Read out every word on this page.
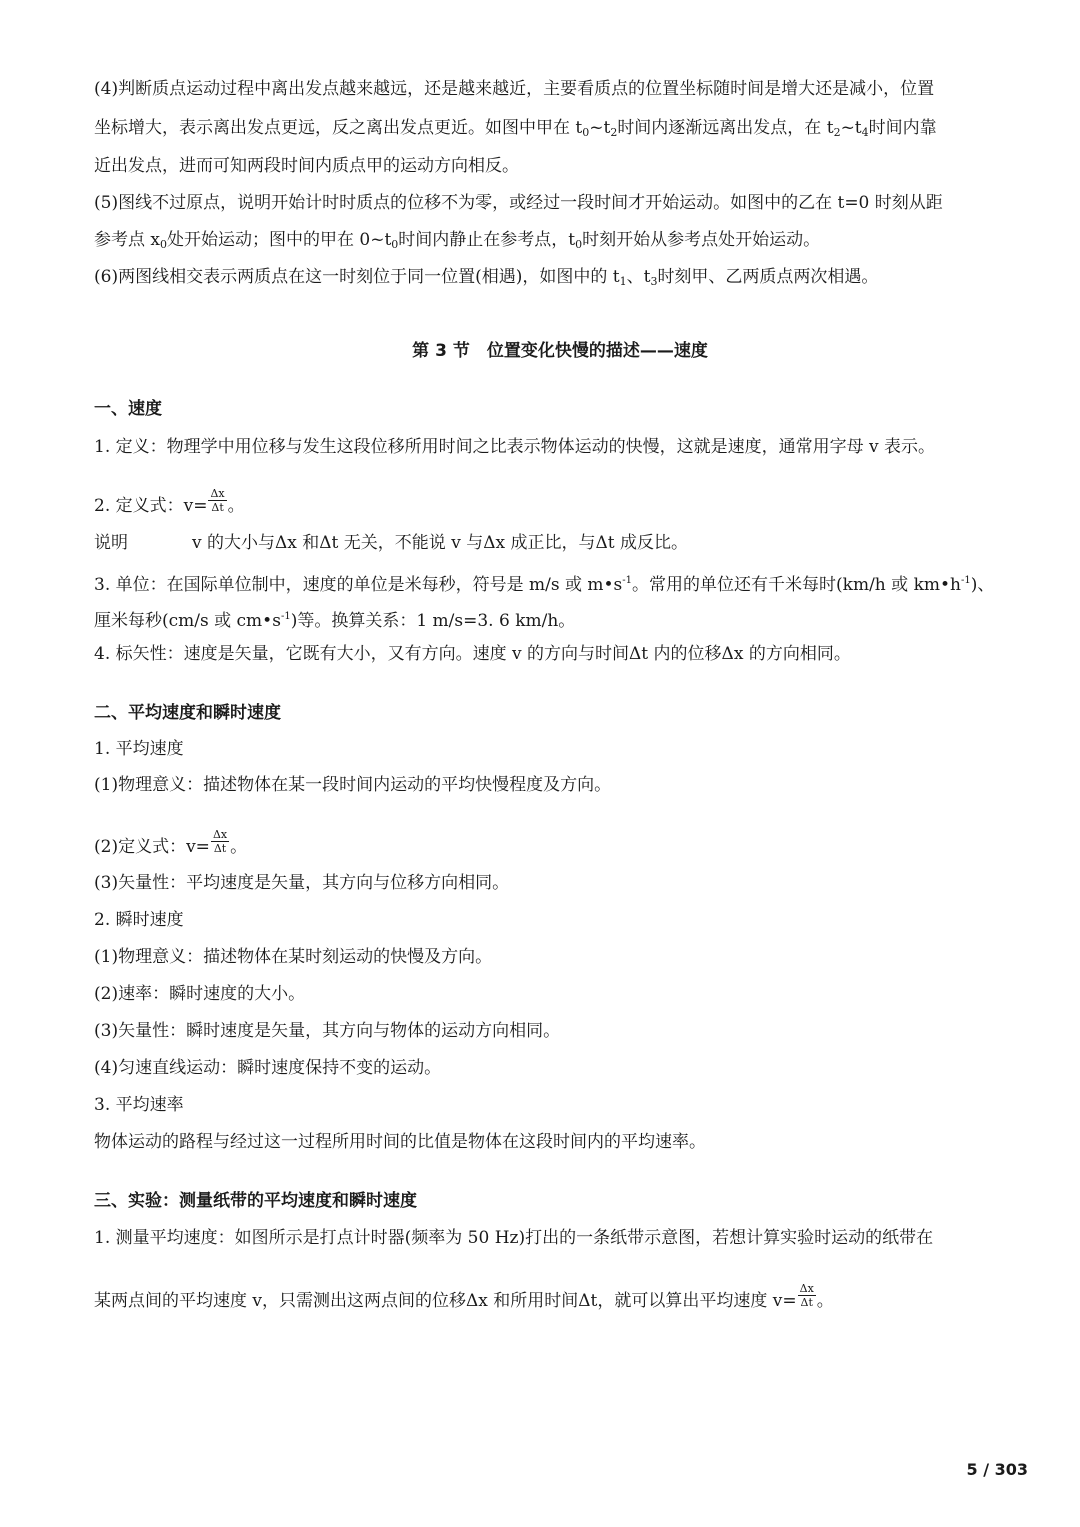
(4)判断质点运动过程中离出发点越来越远，还是越来越近，主要看质点的位置坐标随时间是增大还是减小，位置
坐标增大，表示离出发点更远，反之离出发点更近。如图中甲在 $t_0\sim t_2$时间内逐渐远离出发点，在 $t_2\sim t_4$时间内靠
近出发点，进而可知两段时间内质点甲的运动方向相反。
(5)图线不过原点，说明开始计时时质点的位移不为零，或经过一段时间才开始运动。如图中的乙在 t=0 时刻从距
参考点 $x_0$处开始运动；图中的甲在 $0\sim t_0$时间内静止在参考点，$t_0$时刻开始从参考点处开始运动。
(6)两图线相交表示两质点在这一时刻位于同一位置(相遇)，如图中的 $t_1$、$t_3$时刻甲、乙两质点两次相遇。
第 3 节　位置变化快慢的描述——速度
一、速度
1. 定义：物理学中用位移与发生这段位移所用时间之比表示物体运动的快慢，这就是速度，通常用字母 v 表示。
2. 定义式：$v= \frac{\Delta x}{\Delta t}$ 。
说明	v 的大小与Δx 和Δt 无关，不能说 v 与Δx 成正比，与Δt 成反比。
3. 单位：在国际单位制中，速度的单位是米每秒，符号是 m/s 或 $m•s^{-1}$。常用的单位还有千米每时(km/h 或 $km•h^{-1}$)、
厘米每秒(cm/s 或 $cm•s^{-1}$)等。换算关系：1 m/s=3. 6 km/h。
4. 标矢性：速度是矢量，它既有大小，又有方向。速度 v 的方向与时间Δt 内的位移Δx 的方向相同。
二、平均速度和瞬时速度
1. 平均速度
(1)物理意义：描述物体在某一段时间内运动的平均快慢程度及方向。
(2)定义式：$v= \frac{\Delta x}{\Delta t}$ 。
(3)矢量性：平均速度是矢量，其方向与位移方向相同。
2. 瞬时速度
(1)物理意义：描述物体在某时刻运动的快慢及方向。
(2)速率：瞬时速度的大小。
(3)矢量性：瞬时速度是矢量，其方向与物体的运动方向相同。
(4)匀速直线运动：瞬时速度保持不变的运动。
3. 平均速率
物体运动的路程与经过这一过程所用时间的比值是物体在这段时间内的平均速率。
三、实验：测量纸带的平均速度和瞬时速度
1. 测量平均速度：如图所示是打点计时器(频率为 50 Hz)打出的一条纸带示意图，若想计算实验时运动的纸带在
某两点间的平均速度 v，只需测出这两点间的位移Δx 和所用时间Δt，就可以算出平均速度 $v= \frac{\Delta x}{\Delta t}$ 。
5 / 303
